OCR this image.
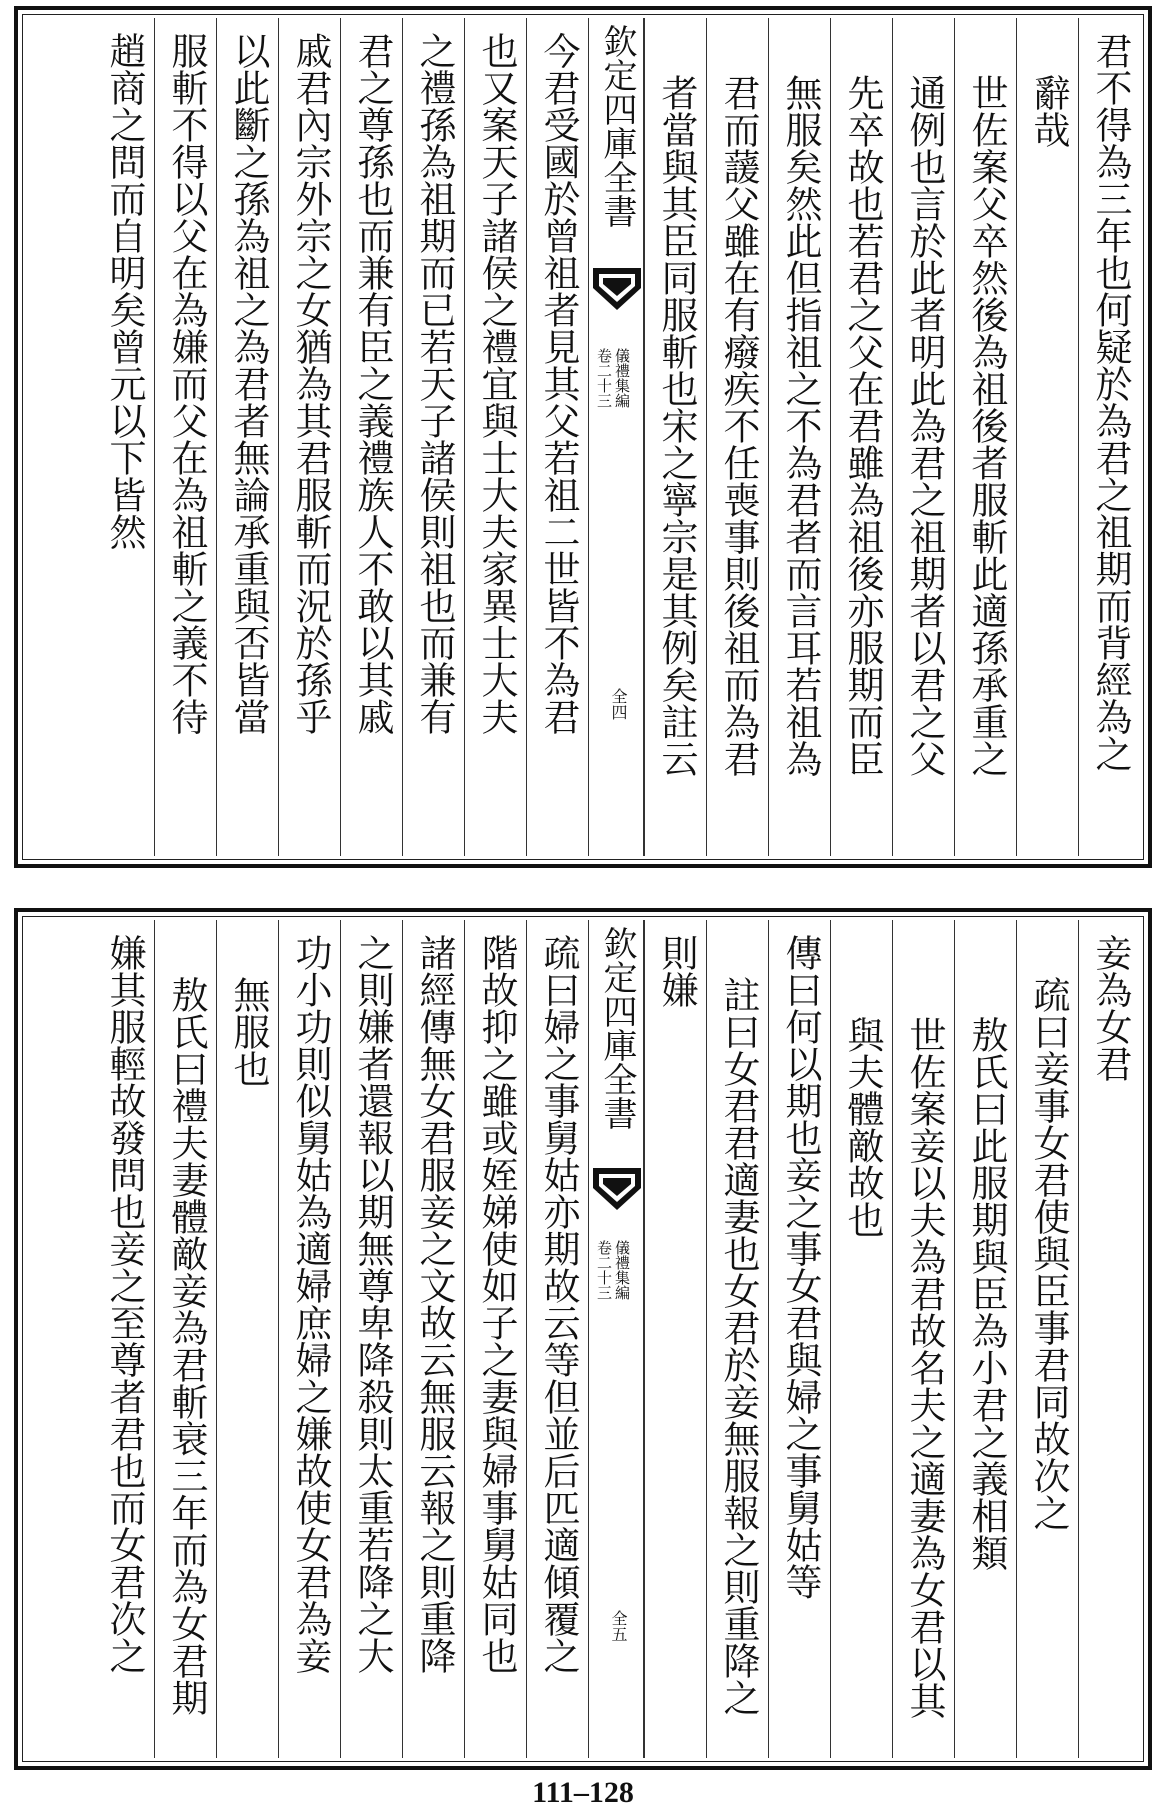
君不得為三年也何疑於為君之祖期而背經為之
辭哉
世佐案父卒然後為祖後者服斬此適孫承重之
通例也言於此者明此為君之祖期者以君之父
先卒故也若君之父在君雖為祖後亦服期而臣
無服矣然此但指祖之不為君者而言耳若祖為
君而蘐父雖在有癈疾不任喪事則後祖而為君
者當與其臣同服斬也宋之寧宗是其例矣註云
欽定四庫全書
儀禮集編
卷二十三
全四
今君受國於曾祖者見其父若祖二世皆不為君
也又案天子諸侯之禮宜與士大夫家異士大夫
之禮孫為祖期而已若天子諸侯則祖也而兼有
君之尊孫也而兼有臣之義禮族人不敢以其戚
戚君內宗外宗之女猶為其君服斬而況於孫乎
以此斷之孫為祖之為君者無論承重與否皆當
服斬不得以父在為嫌而父在為祖斬之義不待
趙商之問而自明矣曾元以下皆然
妾為女君
疏曰妾事女君使與臣事君同故次之
敖氏曰此服期與臣為小君之義相類
世佐案妾以夫為君故名夫之適妻為女君以其
與夫體敵故也
傳曰何以期也妾之事女君與婦之事舅姑等
註曰女君君適妻也女君於妾無服報之則重降之
則嫌
欽定四庫全書
儀禮集編
卷二十三
全五
疏曰婦之事舅姑亦期故云等但並后匹適傾覆之
階故抑之雖或姪娣使如子之妻與婦事舅姑同也
諸經傳無女君服妾之文故云無服云報之則重降
之則嫌者還報以期無尊卑降殺則太重若降之大
功小功則似舅姑為適婦庶婦之嫌故使女君為妾
無服也
敖氏曰禮夫妻體敵妾為君斬衰三年而為女君期
嫌其服輕故發問也妾之至尊者君也而女君次之
111–128
